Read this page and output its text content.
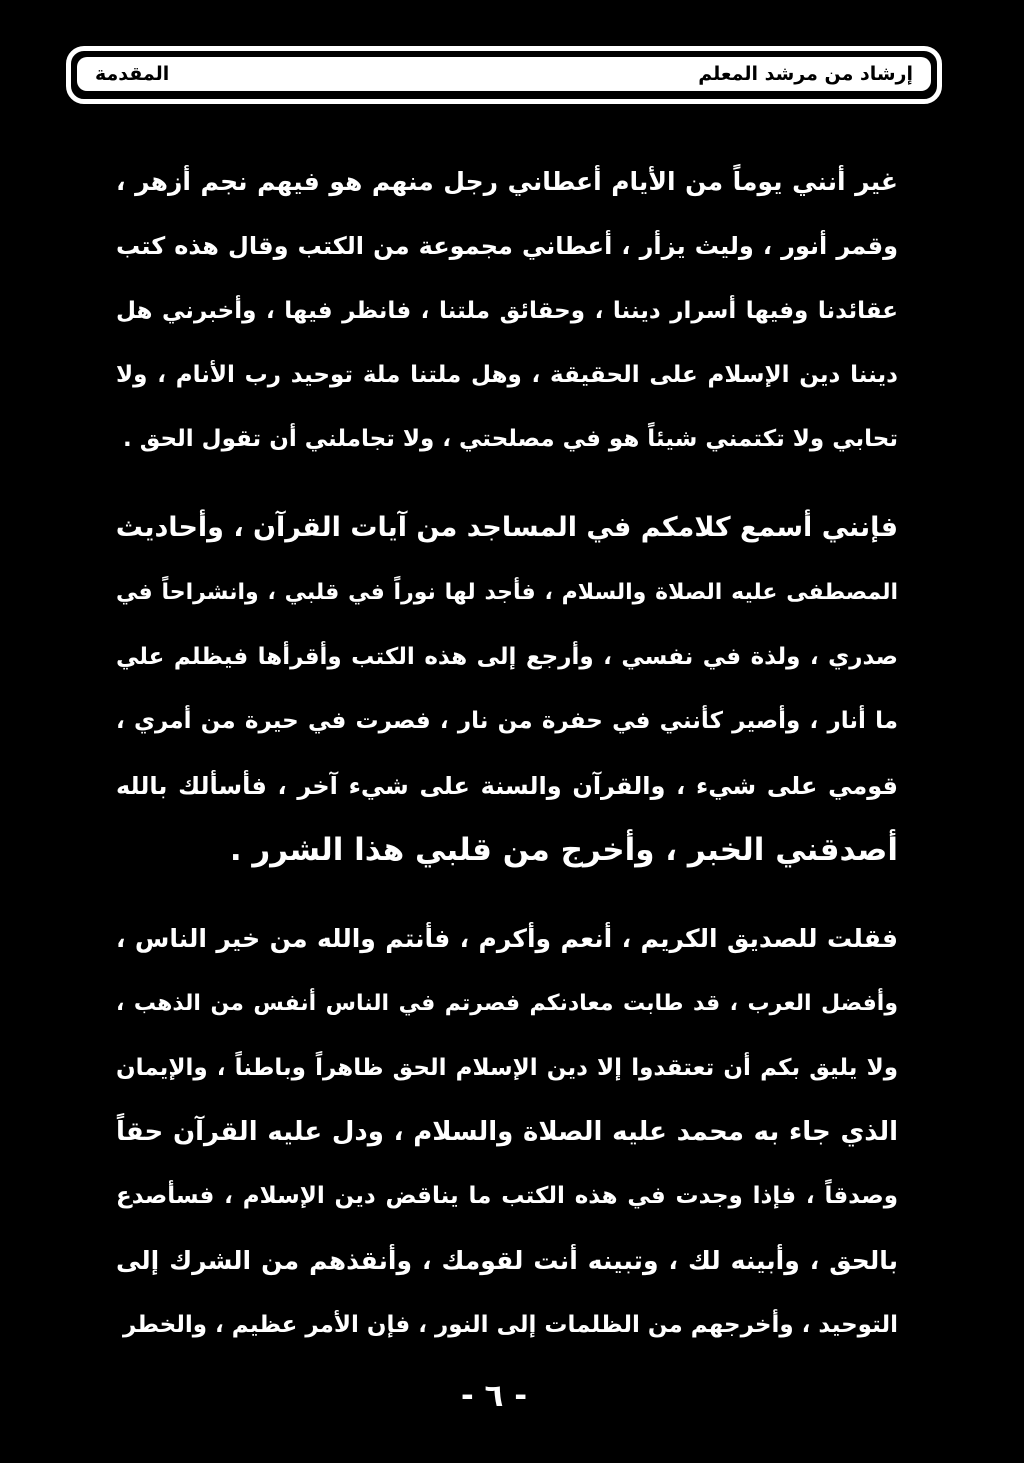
إرشاد من مرشد المعلم
المقدمة
غير أنني يوماً من الأيام أعطاني رجل منهم هو فيهم نجم أزهر ،
وقمر أنور ، وليث يزأر ، أعطاني مجموعة من الكتب وقال هذه كتب
عقائدنا وفيها أسرار ديننا ، وحقائق ملتنا ، فانظر فيها ، وأخبرني هل
ديننا دين الإسلام على الحقيقة ، وهل ملتنا ملة توحيد رب الأنام ، ولا
تحابي ولا تكتمني شيئاً هو في مصلحتي ، ولا تجاملني أن تقول الحق .
فإنني أسمع كلامكم في المساجد من آيات القرآن ، وأحاديث
المصطفى عليه الصلاة والسلام ، فأجد لها نوراً في قلبي ، وانشراحاً في
صدري ، ولذة في نفسي ، وأرجع إلى هذه الكتب وأقرأها فيظلم علي
ما أنار ، وأصير كأنني في حفرة من نار ، فصرت في حيرة من أمري ،
قومي على شيء ، والقرآن والسنة على شيء آخر ، فأسألك بالله
أصدقني الخبر ، وأخرج من قلبي هذا الشرر .
فقلت للصديق الكريم ، أنعم وأكرم ، فأنتم والله من خير الناس ،
وأفضل العرب ، قد طابت معادنكم فصرتم في الناس أنفس من الذهب ،
ولا يليق بكم أن تعتقدوا إلا دين الإسلام الحق ظاهراً وباطناً ، والإيمان
الذي جاء به محمد عليه الصلاة والسلام ، ودل عليه القرآن حقاً
وصدقاً ، فإذا وجدت في هذه الكتب ما يناقض دين الإسلام ، فسأصدع
بالحق ، وأبينه لك ، وتبينه أنت لقومك ، وأنقذهم من الشرك إلى
التوحيد ، وأخرجهم من الظلمات إلى النور ، فإن الأمر عظيم ، والخطر
- ٦ -
